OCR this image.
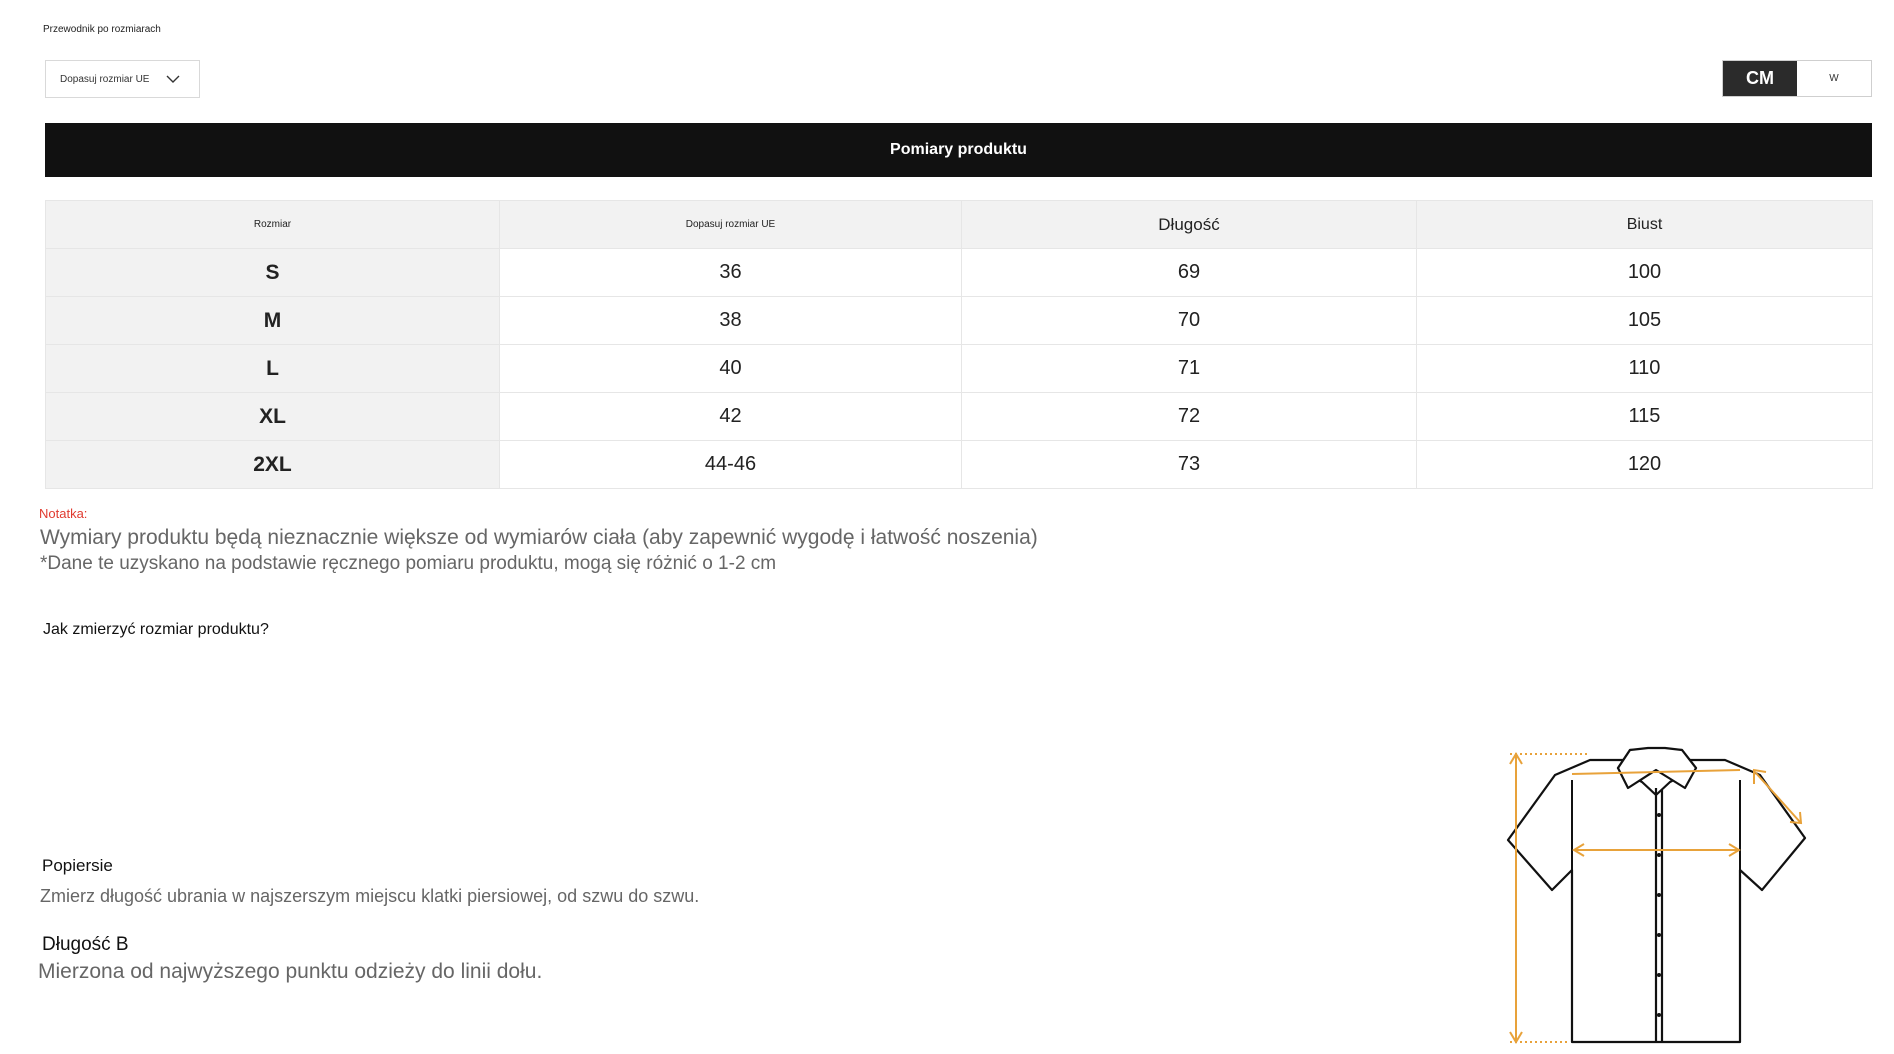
Przewodnik po rozmiarach
Dopasuj rozmiar UE	CM	W
Pomiary produktu
Rozmiar	Dopasuj rozmiar UE	Długość	Biust
S	36	69	100
M	38	70	105
L	40	71	110
XL	42	72	115
2XL	44-46	73	120
Notatka:
Wymiary produktu będą nieznacznie większe od wymiarów ciała (aby zapewnić wygodę i łatwość noszenia)
*Dane te uzyskano na podstawie ręcznego pomiaru produktu, mogą się różnić o 1-2 cm
Jak zmierzyć rozmiar produktu?
Popiersie
Zmierz długość ubrania w najszerszym miejscu klatki piersiowej, od szwu do szwu.
Długość B
Mierzona od najwyższego punktu odzieży do linii dołu.
